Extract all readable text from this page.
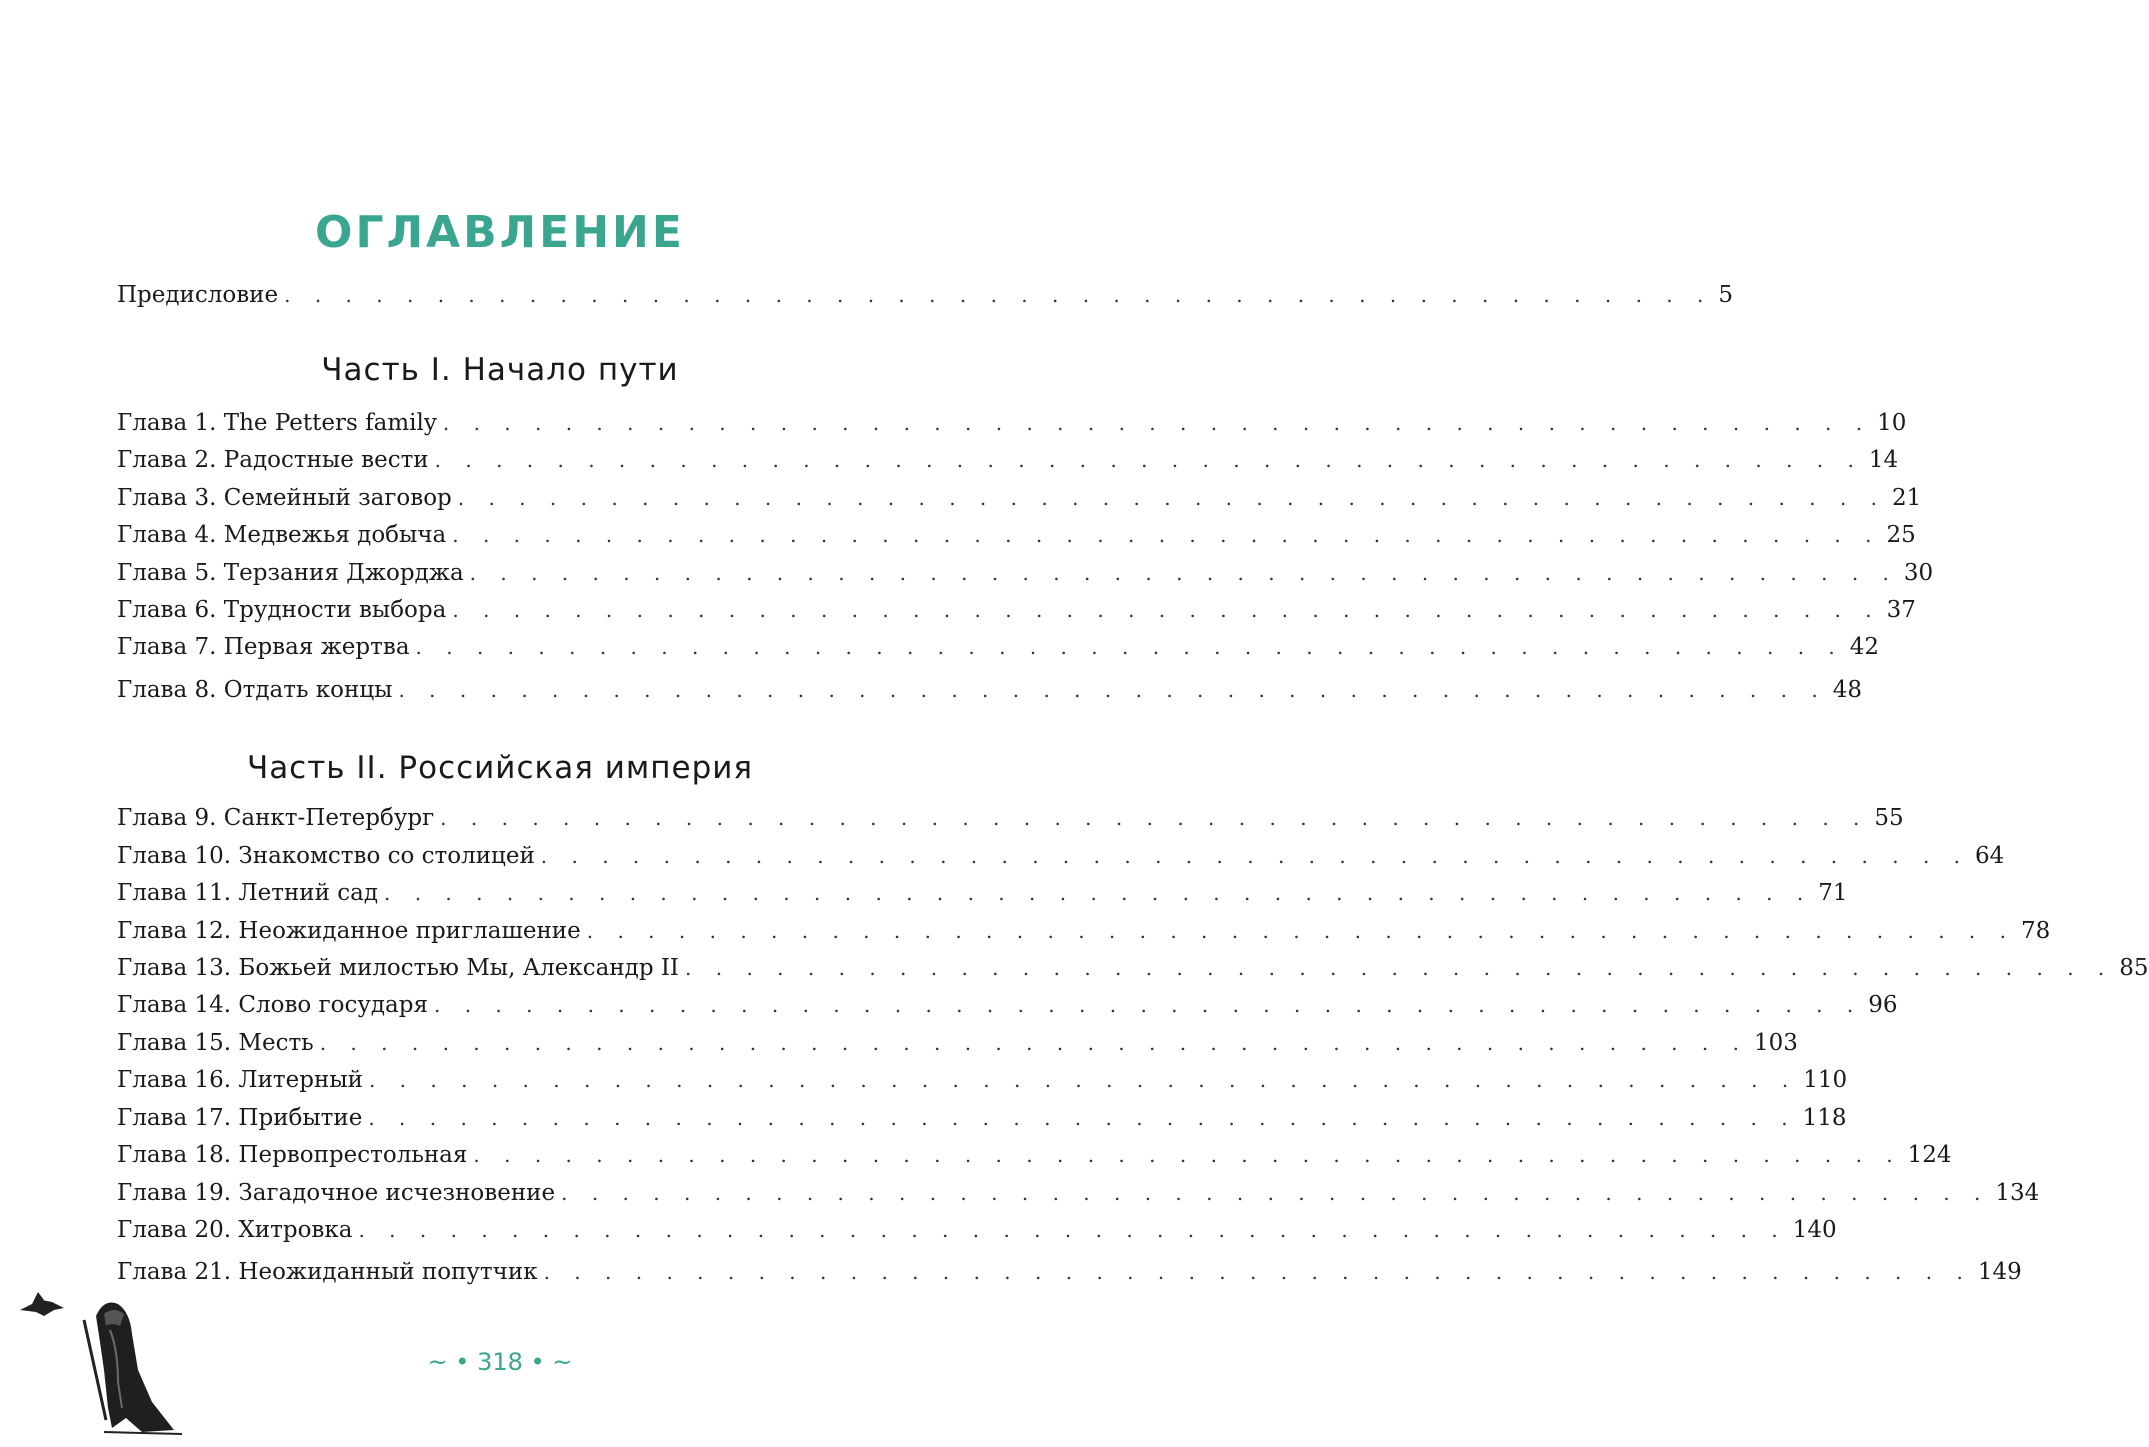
ОГЛАВЛЕНИЕ
Предисловие . . . . . . . . . . . . . . . . . . . . . . . . . . . . . . . . . . . . . . . . . . . . . . . 5
Часть I. Начало пути
Глава 1. The Petters family . . . . . . . . . . . . . . . . . . . . . . . . . . . . . . . . . . . . . . . . . . . . . . . 10
Глава 2. Радостные вести . . . . . . . . . . . . . . . . . . . . . . . . . . . . . . . . . . . . . . . . . . . . . . . 14
Глава 3. Семейный заговор . . . . . . . . . . . . . . . . . . . . . . . . . . . . . . . . . . . . . . . . . . . . . . . 21
Глава 4. Медвежья добыча . . . . . . . . . . . . . . . . . . . . . . . . . . . . . . . . . . . . . . . . . . . . . . . 25
Глава 5. Терзания Джорджа . . . . . . . . . . . . . . . . . . . . . . . . . . . . . . . . . . . . . . . . . . . . . . . 30
Глава 6. Трудности выбора . . . . . . . . . . . . . . . . . . . . . . . . . . . . . . . . . . . . . . . . . . . . . . . 37
Глава 7. Первая жертва . . . . . . . . . . . . . . . . . . . . . . . . . . . . . . . . . . . . . . . . . . . . . . . 42
Глава 8. Отдать концы . . . . . . . . . . . . . . . . . . . . . . . . . . . . . . . . . . . . . . . . . . . . . . . 48
Часть II. Российская империя
Глава 9. Санкт-Петербург . . . . . . . . . . . . . . . . . . . . . . . . . . . . . . . . . . . . . . . . . . . . . . . 55
Глава 10. Знакомство со столицей . . . . . . . . . . . . . . . . . . . . . . . . . . . . . . . . . . . . . . . . . . . . . . . 64
Глава 11. Летний сад . . . . . . . . . . . . . . . . . . . . . . . . . . . . . . . . . . . . . . . . . . . . . . . 71
Глава 12. Неожиданное приглашение . . . . . . . . . . . . . . . . . . . . . . . . . . . . . . . . . . . . . . . . . . . . . . . 78
Глава 13. Божьей милостью Мы, Александр II . . . . . . . . . . . . . . . . . . . . . . . . . . . . . . . . . . . . . . . . . . . . . . . 85
Глава 14. Слово государя . . . . . . . . . . . . . . . . . . . . . . . . . . . . . . . . . . . . . . . . . . . . . . . 96
Глава 15. Месть . . . . . . . . . . . . . . . . . . . . . . . . . . . . . . . . . . . . . . . . . . . . . . . 103
Глава 16. Литерный . . . . . . . . . . . . . . . . . . . . . . . . . . . . . . . . . . . . . . . . . . . . . . . 110
Глава 17. Прибытие . . . . . . . . . . . . . . . . . . . . . . . . . . . . . . . . . . . . . . . . . . . . . . . 118
Глава 18. Первопрестольная . . . . . . . . . . . . . . . . . . . . . . . . . . . . . . . . . . . . . . . . . . . . . . . 124
Глава 19. Загадочное исчезновение . . . . . . . . . . . . . . . . . . . . . . . . . . . . . . . . . . . . . . . . . . . . . . . 134
Глава 20. Хитровка . . . . . . . . . . . . . . . . . . . . . . . . . . . . . . . . . . . . . . . . . . . . . . . 140
Глава 21. Неожиданный попутчик . . . . . . . . . . . . . . . . . . . . . . . . . . . . . . . . . . . . . . . . . . . . . . . 149
~ • 318 • ~
